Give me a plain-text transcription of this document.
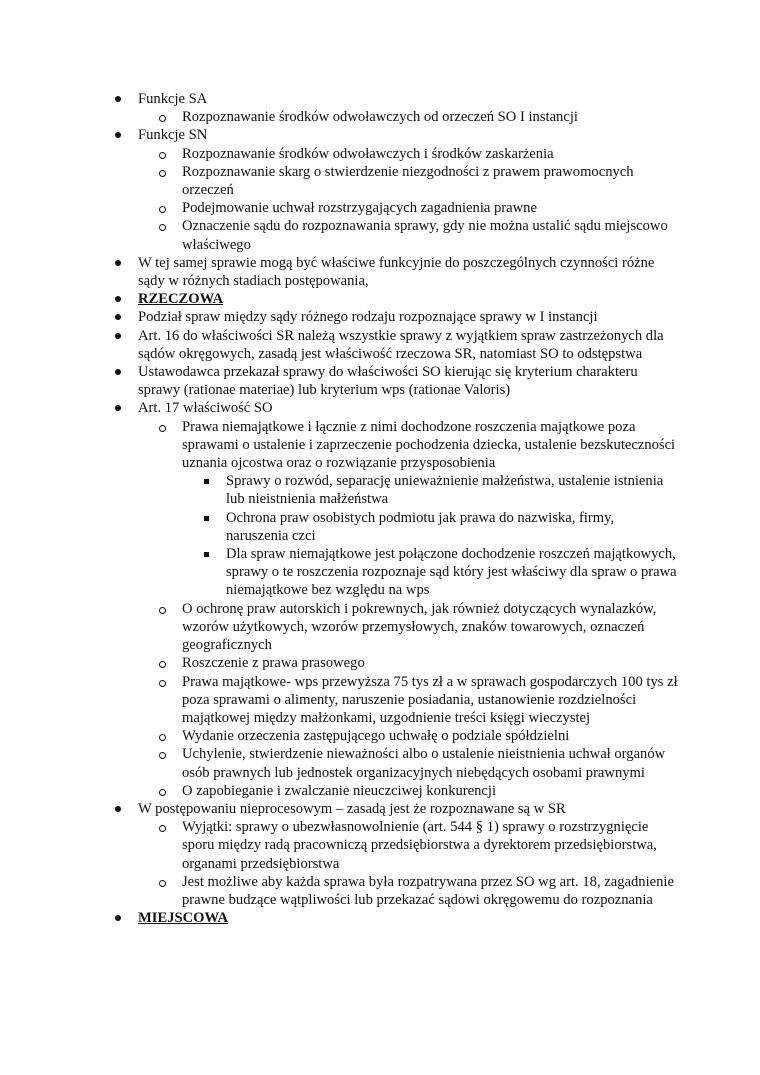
Funkcje SA
Rozpoznawanie środków odwoławczych od orzeczeń SO I instancji
Funkcje SN
Rozpoznawanie środków odwoławczych i środków zaskarżenia
Rozpoznawanie skarg o stwierdzenie niezgodności z prawem prawomocnych orzeczeń
Podejmowanie uchwał rozstrzygających zagadnienia prawne
Oznaczenie sądu do rozpoznawania sprawy, gdy nie można ustalić sądu miejscowo właściwego
W tej samej sprawie mogą być właściwe funkcyjnie do poszczególnych czynności różne sądy w różnych stadiach postępowania,
RZECZOWA
Podział spraw między sądy różnego rodzaju rozpoznające sprawy w I instancji
Art. 16 do właściwości SR należą wszystkie sprawy z wyjątkiem spraw zastrzeżonych dla sądów okręgowych, zasadą jest właściwość rzeczowa SR, natomiast SO to odstępstwa
Ustawodawca przekazał sprawy do właściwości SO kierując się kryterium charakteru sprawy (rationae materiae) lub kryterium wps (rationae Valoris)
Art. 17 właściwość SO
Prawa niemajątkowe i łącznie z nimi dochodzone roszczenia majątkowe poza sprawami o ustalenie i zaprzeczenie pochodzenia dziecka, ustalenie bezskuteczności uznania ojcostwa oraz o rozwiązanie przysposobienia
Sprawy o rozwód, separację unieważnienie małżeństwa, ustalenie istnienia lub nieistnienia małżeństwa
Ochrona praw osobistych podmiotu jak prawa do nazwiska, firmy, naruszenia czci
Dla spraw niemajątkowe jest połączone dochodzenie roszczeń majątkowych, sprawy o te roszczenia rozpoznaje sąd który jest właściwy dla spraw o prawa niemajątkowe bez względu na wps
O ochronę praw autorskich i pokrewnych, jak również dotyczących wynalazków, wzorów użytkowych, wzorów przemysłowych, znaków towarowych, oznaczeń geograficznych
Roszczenie z prawa prasowego
Prawa majątkowe- wps przewyższa 75 tys zł a w sprawach gospodarczych 100 tys zł poza sprawami o alimenty, naruszenie posiadania, ustanowienie rozdzielności majątkowej między małżonkami, uzgodnienie treści księgi wieczystej
Wydanie orzeczenia zastępującego uchwałę o podziale spółdzielni
Uchylenie, stwierdzenie nieważności albo o ustalenie nieistnienia uchwał organów osób prawnych lub jednostek organizacyjnych niebędących osobami prawnymi
O zapobieganie i zwalczanie nieuczciwej konkurencji
W postępowaniu nieprocesowym – zasadą jest że rozpoznawane są w SR
Wyjątki: sprawy o ubezwłasnowolnienie (art. 544 § 1) sprawy o rozstrzygnięcie sporu między radą pracowniczą przedsiębiorstwa a dyrektorem przedsiębiorstwa, organami przedsiębiorstwa
Jest możliwe aby każda sprawa była rozpatrywana przez SO wg art. 18, zagadnienie prawne budzące wątpliwości lub przekazać sądowi okręgowemu do rozpoznania
MIEJSCOWA
